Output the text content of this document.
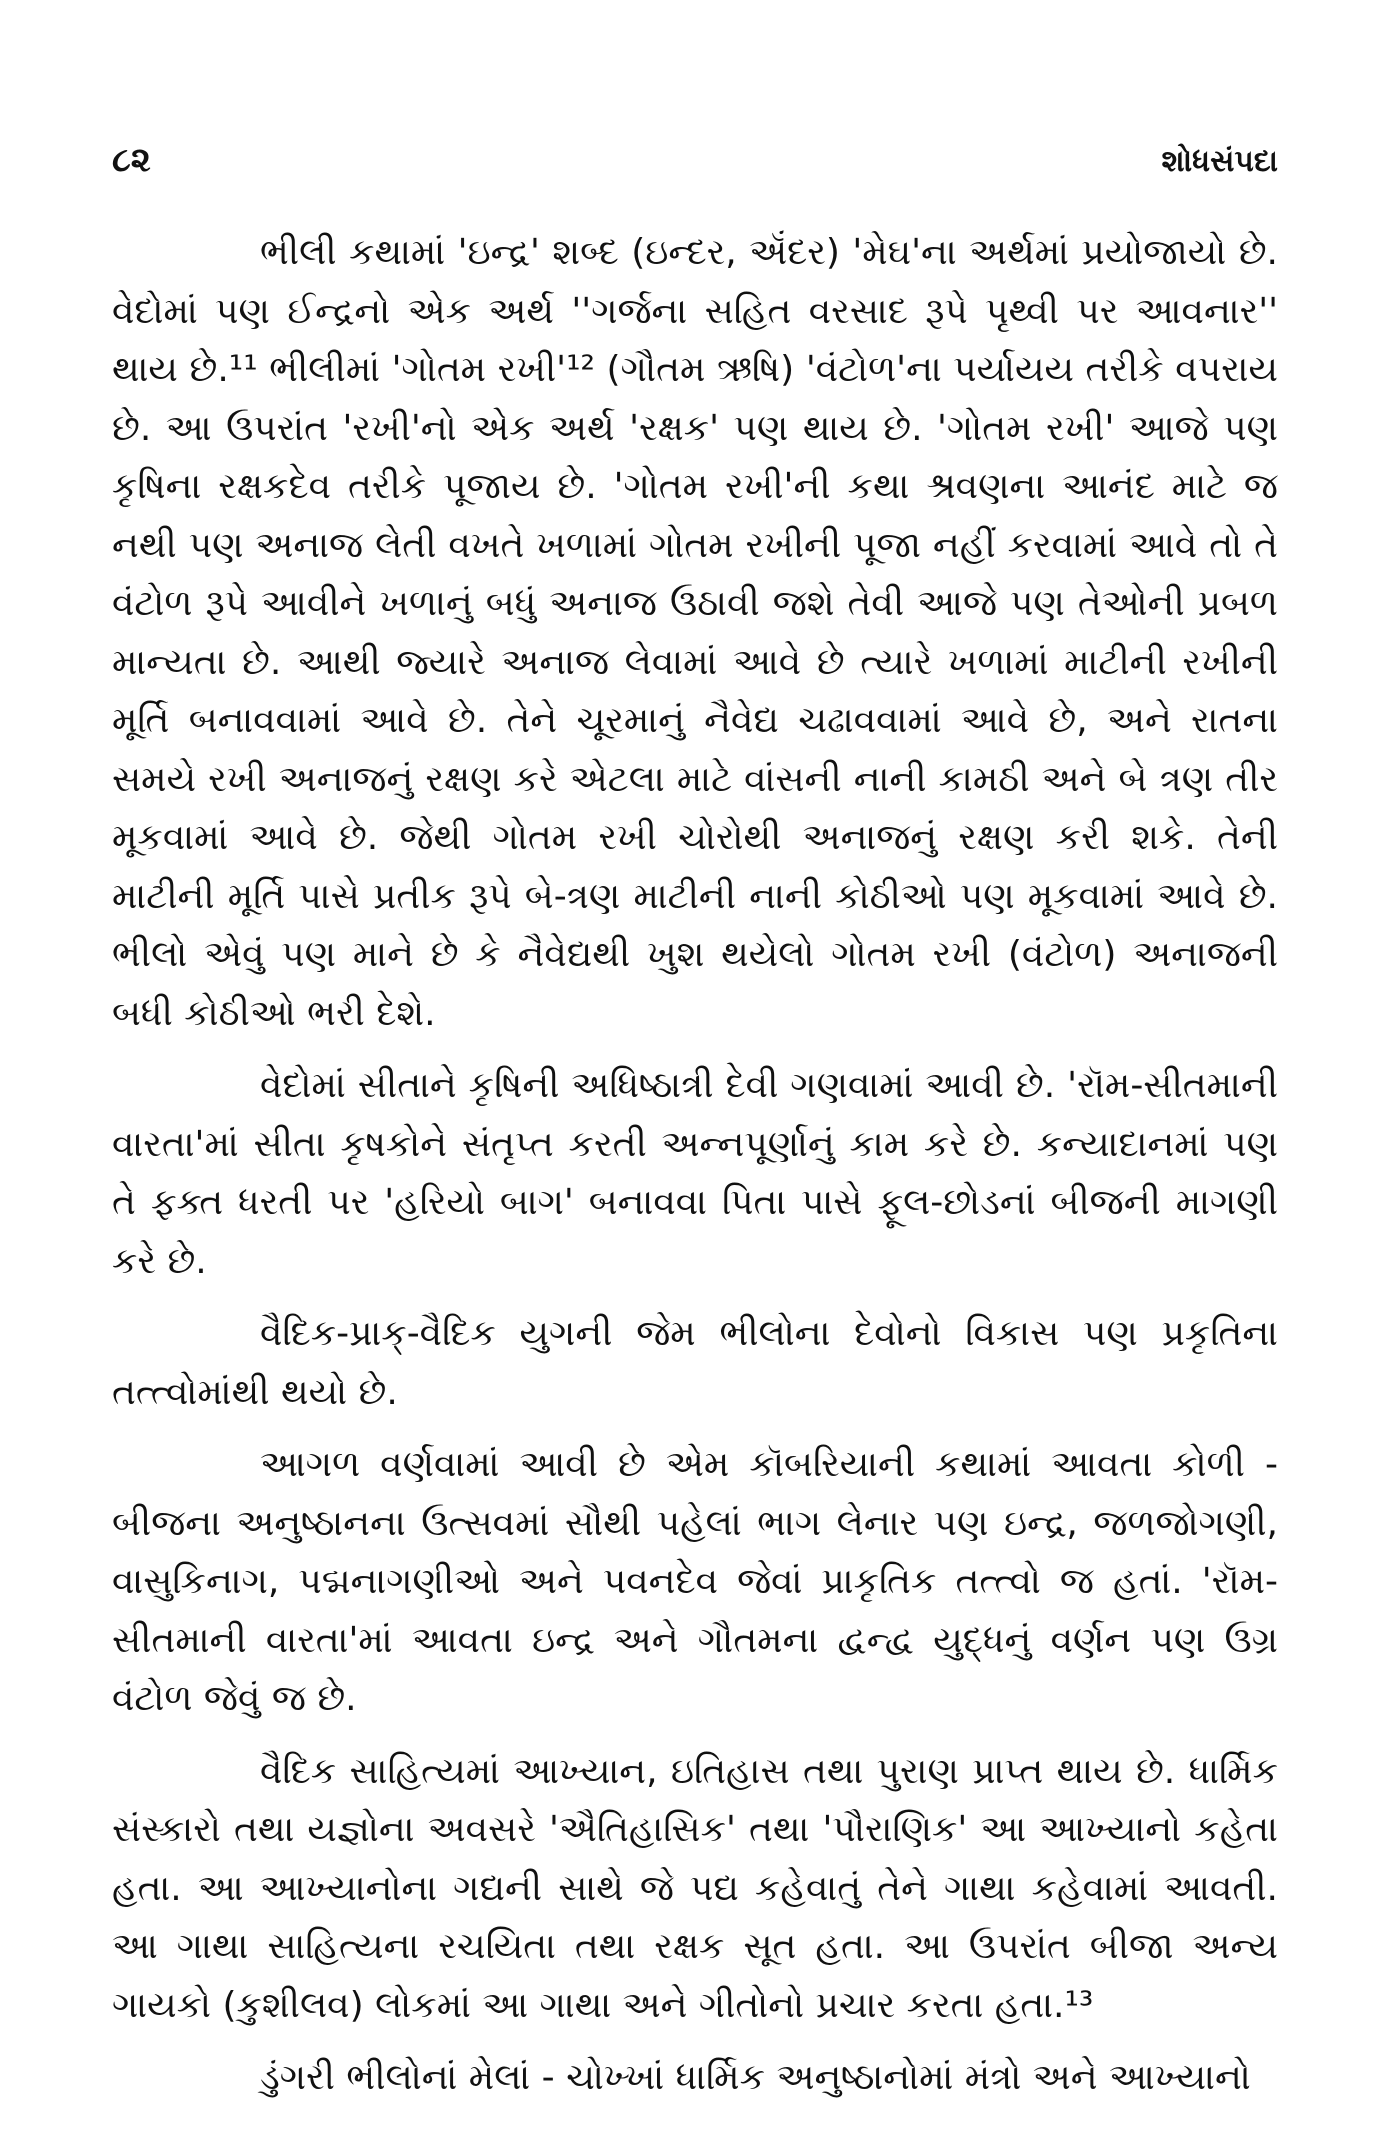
૮૨	શોધસંપદા

ભીલી કથામાં 'ઇન્દ્ર' શબ્દ (ઇન્દર, ઍંદર) 'મેઘ'ના અર્થમાં પ્રયોજાયો છે. વેદોમાં પણ ઈન્દ્રનો એક અર્થ ''ગર્જના સહિત વરસાદ રૂપે પૃથ્વી પર આવનાર'' થાય છે.¹¹ ભીલીમાં 'ગોતમ રખી'¹² (ગૌતમ ઋષિ) 'વંટોળ'ના પર્યાયય તરીકે વપરાય છે. આ ઉપરાંત 'રખી'નો એક અર્થ 'રક્ષક' પણ થાય છે. 'ગોતમ રખી' આજે પણ કૃષિના રક્ષકદેવ તરીકે પૂજાય છે. 'ગોતમ રખી'ની કથા શ્રવણના આનંદ માટે જ નથી પણ અનાજ લેતી વખતે ખળામાં ગોતમ રખીની પૂજા નહીં કરવામાં આવે તો તે વંટોળ રૂપે આવીને ખળાનું બધું અનાજ ઉઠાવી જશે તેવી આજે પણ તેઓની પ્રબળ માન્યતા છે. આથી જ્યારે અનાજ લેવામાં આવે છે ત્યારે ખળામાં માટીની રખીની મૂર્તિ બનાવવામાં આવે છે. તેને ચૂરમાનું નૈવેદ્ય ચઢાવવામાં આવે છે, અને રાતના સમયે રખી અનાજનું રક્ષણ કરે એટલા માટે વાંસની નાની કામઠી અને બે ત્રણ તીર મૂકવામાં આવે છે. જેથી ગોતમ રખી ચોરોથી અનાજનું રક્ષણ કરી શકે. તેની માટીની મૂર્તિ પાસે પ્રતીક રૂપે બે-ત્રણ માટીની નાની કોઠીઓ પણ મૂકવામાં આવે છે. ભીલો એવું પણ માને છે કે નૈવેદ્યથી ખુશ થયેલો ગોતમ રખી (વંટોળ) અનાજની બધી કોઠીઓ ભરી દેશે.

વેદોમાં સીતાને કૃષિની અધિષ્ઠાત્રી દેવી ગણવામાં આવી છે. 'રૉમ-સીતમાની વારતા'માં સીતા કૃષકોને સંતૃપ્ત કરતી અન્નપૂર્ણાનું કામ કરે છે. કન્યાદાનમાં પણ તે ફક્ત ધરતી પર 'હરિયો બાગ' બનાવવા પિતા પાસે ફૂલ-છોડનાં બીજની માગણી કરે છે.

વૈદિક-પ્રાક્-વૈદિક યુગની જેમ ભીલોના દેવોનો વિકાસ પણ પ્રકૃતિના તત્ત્વોમાંથી થયો છે.

આગળ વર્ણવામાં આવી છે એમ કૉબરિયાની કથામાં આવતા કોળી - બીજના અનુષ્ઠાનના ઉત્સવમાં સૌથી પહેલાં ભાગ લેનાર પણ ઇન્દ્ર, જળજોગણી, વાસુકિનાગ, પદ્મનાગણીઓ અને પવનદેવ જેવાં પ્રાકૃતિક તત્ત્વો જ હતાં. 'રૉમ-સીતમાની વારતા'માં આવતા ઇન્દ્ર અને ગૌતમના દ્વન્દ્વ યુદ્ધનું વર્ણન પણ ઉગ્ર વંટોળ જેવું જ છે.

વૈદિક સાહિત્યમાં આખ્યાન, ઇતિહાસ તથા પુરાણ પ્રાપ્ત થાય છે. ધાર્મિક સંસ્કારો તથા યજ્ઞોના અવસરે 'ઐતિહાસિક' તથા 'પૌરાણિક' આ આખ્યાનો કહેતા હતા. આ આખ્યાનોના ગદ્યની સાથે જે પદ્ય કહેવાતું તેને ગાથા કહેવામાં આવતી. આ ગાથા સાહિત્યના રચયિતા તથા રક્ષક સૂત હતા. આ ઉપરાંત બીજા અન્ય ગાયકો (કુશીલવ) લોકમાં આ ગાથા અને ગીતોનો પ્રચાર કરતા હતા.¹³

ડુંગરી ભીલોનાં મેલાં - ચોખ્ખાં ધાર્મિક અનુષ્ઠાનોમાં મંત્રો અને આખ્યાનો
